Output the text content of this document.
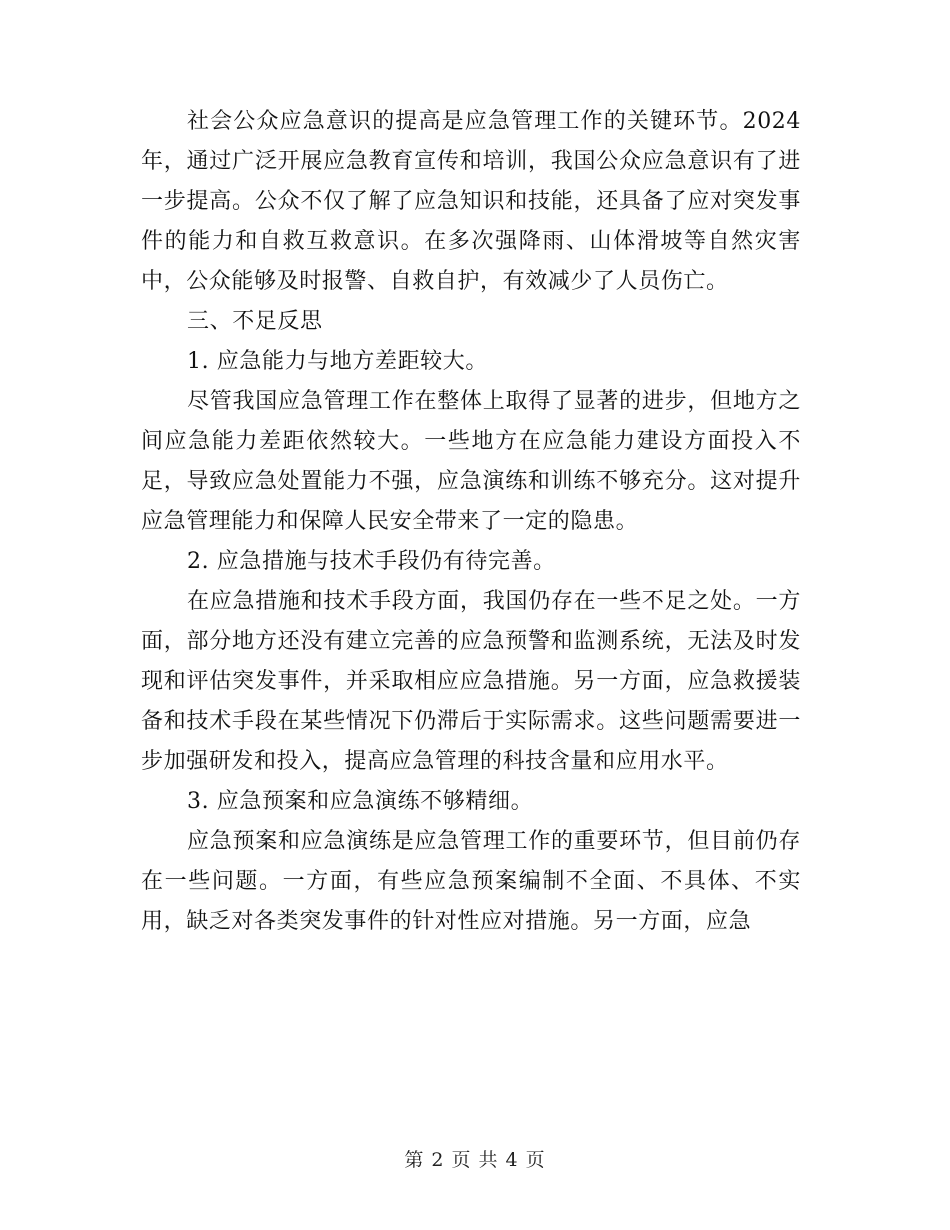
社会公众应急意识的提高是应急管理工作的关键环节。2024年，通过广泛开展应急教育宣传和培训，我国公众应急意识有了进一步提高。公众不仅了解了应急知识和技能，还具备了应对突发事件的能力和自救互救意识。在多次强降雨、山体滑坡等自然灾害中，公众能够及时报警、自救自护，有效减少了人员伤亡。

三、不足反思

1. 应急能力与地方差距较大。

尽管我国应急管理工作在整体上取得了显著的进步，但地方之间应急能力差距依然较大。一些地方在应急能力建设方面投入不足，导致应急处置能力不强，应急演练和训练不够充分。这对提升应急管理能力和保障人民安全带来了一定的隐患。

2. 应急措施与技术手段仍有待完善。

在应急措施和技术手段方面，我国仍存在一些不足之处。一方面，部分地方还没有建立完善的应急预警和监测系统，无法及时发现和评估突发事件，并采取相应应急措施。另一方面，应急救援装备和技术手段在某些情况下仍滞后于实际需求。这些问题需要进一步加强研发和投入，提高应急管理的科技含量和应用水平。

3. 应急预案和应急演练不够精细。

应急预案和应急演练是应急管理工作的重要环节，但目前仍存在一些问题。一方面，有些应急预案编制不全面、不具体、不实用，缺乏对各类突发事件的针对性应对措施。另一方面，应急

第 2 页 共 4 页
